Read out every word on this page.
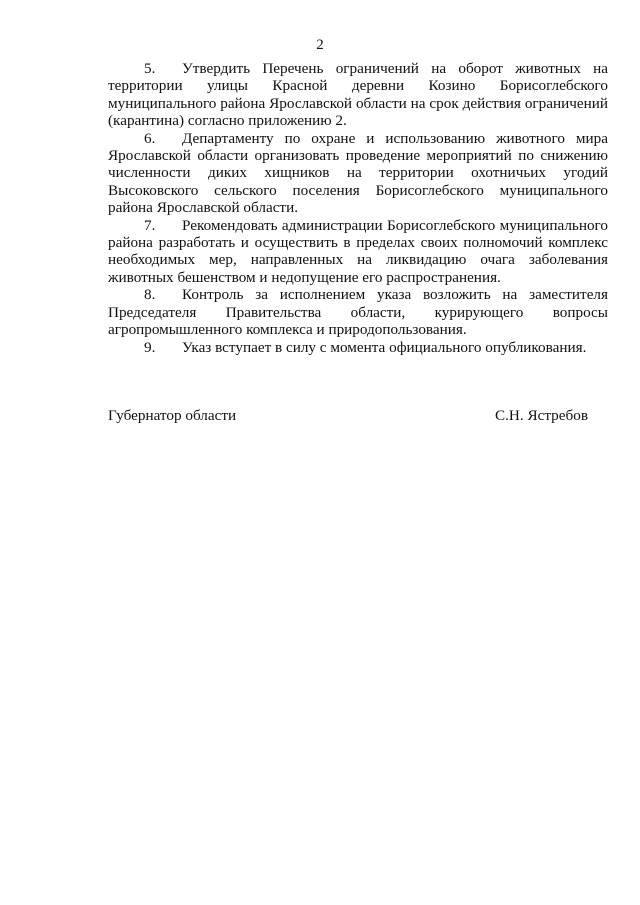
2

5. Утвердить Перечень ограничений на оборот животных на территории улицы Красной деревни Козино Борисоглебского муниципального района Ярославской области на срок действия ограничений (карантина) согласно приложению 2.

6. Департаменту по охране и использованию животного мира Ярославской области организовать проведение мероприятий по снижению численности диких хищников на территории охотничьих угодий Высоковского сельского поселения Борисоглебского муниципального района Ярославской области.

7. Рекомендовать администрации Борисоглебского муниципального района разработать и осуществить в пределах своих полномочий комплекс необходимых мер, направленных на ликвидацию очага заболевания животных бешенством и недопущение его распространения.

8. Контроль за исполнением указа возложить на заместителя Председателя Правительства области, курирующего вопросы агропромышленного комплекса и природопользования.

9. Указ вступает в силу с момента официального опубликования.

Губернатор области	С.Н. Ястребов
